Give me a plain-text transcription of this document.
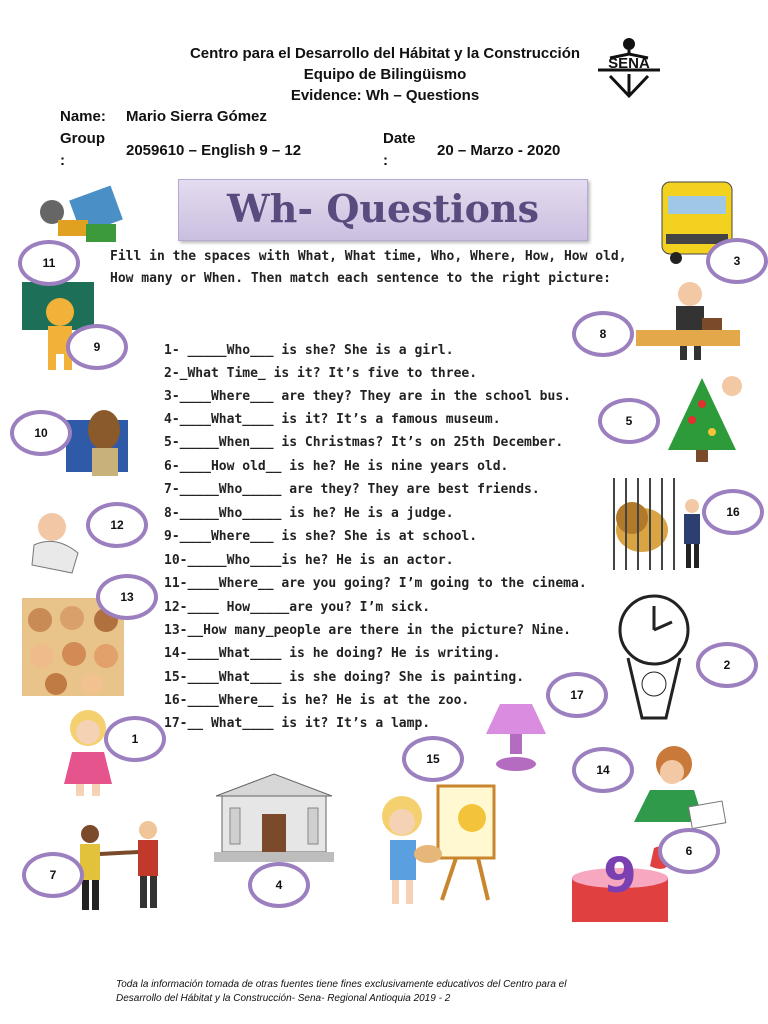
Centro para el Desarrollo del Hábitat y la Construcción
Equipo de Bilingüismo
Evidence: Wh – Questions
SENA
Name: Mario Sierra Gómez
Group
:
2059610 – English 9 – 12
Date
:
20 – Marzo - 2020
Wh- Questions
Fill in the spaces with What, What time, Who, Where, How, How old,
How many or When. Then match each sentence to the right picture:
1- _____Who___ is she? She is a girl.
2-_What Time_ is it? It’s five to three.
3-____Where___ are they? They are in the school bus.
4-____What____ is it? It’s a famous museum.
5-_____When___ is Christmas? It’s on 25th December.
6-____How old__ is he? He is nine years old.
7-_____Who_____ are they? They are best friends.
8-_____Who_____ is he? He is a judge.
9-____Where___ is she? She is at school.
10-_____Who____is he? He is an actor.
11-____Where__ are you going? I’m going to the cinema.
12-____ How_____are you? I’m sick.
13-__How many_people are there in the picture? Nine.
14-____What____ is he doing? He is writing.
15-____What____ is she doing? She is painting.
16-____Where__ is he? He is at the zoo.
17-__ What____ is it? It’s a lamp.
9
11	3
9
8
10
5
12
16
13
2
17
1
15
14
6
7
4
Toda la información tomada de otras fuentes tiene fines exclusivamente educativos del Centro para el
Desarrollo del Hábitat y la Construcción- Sena- Regional Antioquia 2019 - 2
